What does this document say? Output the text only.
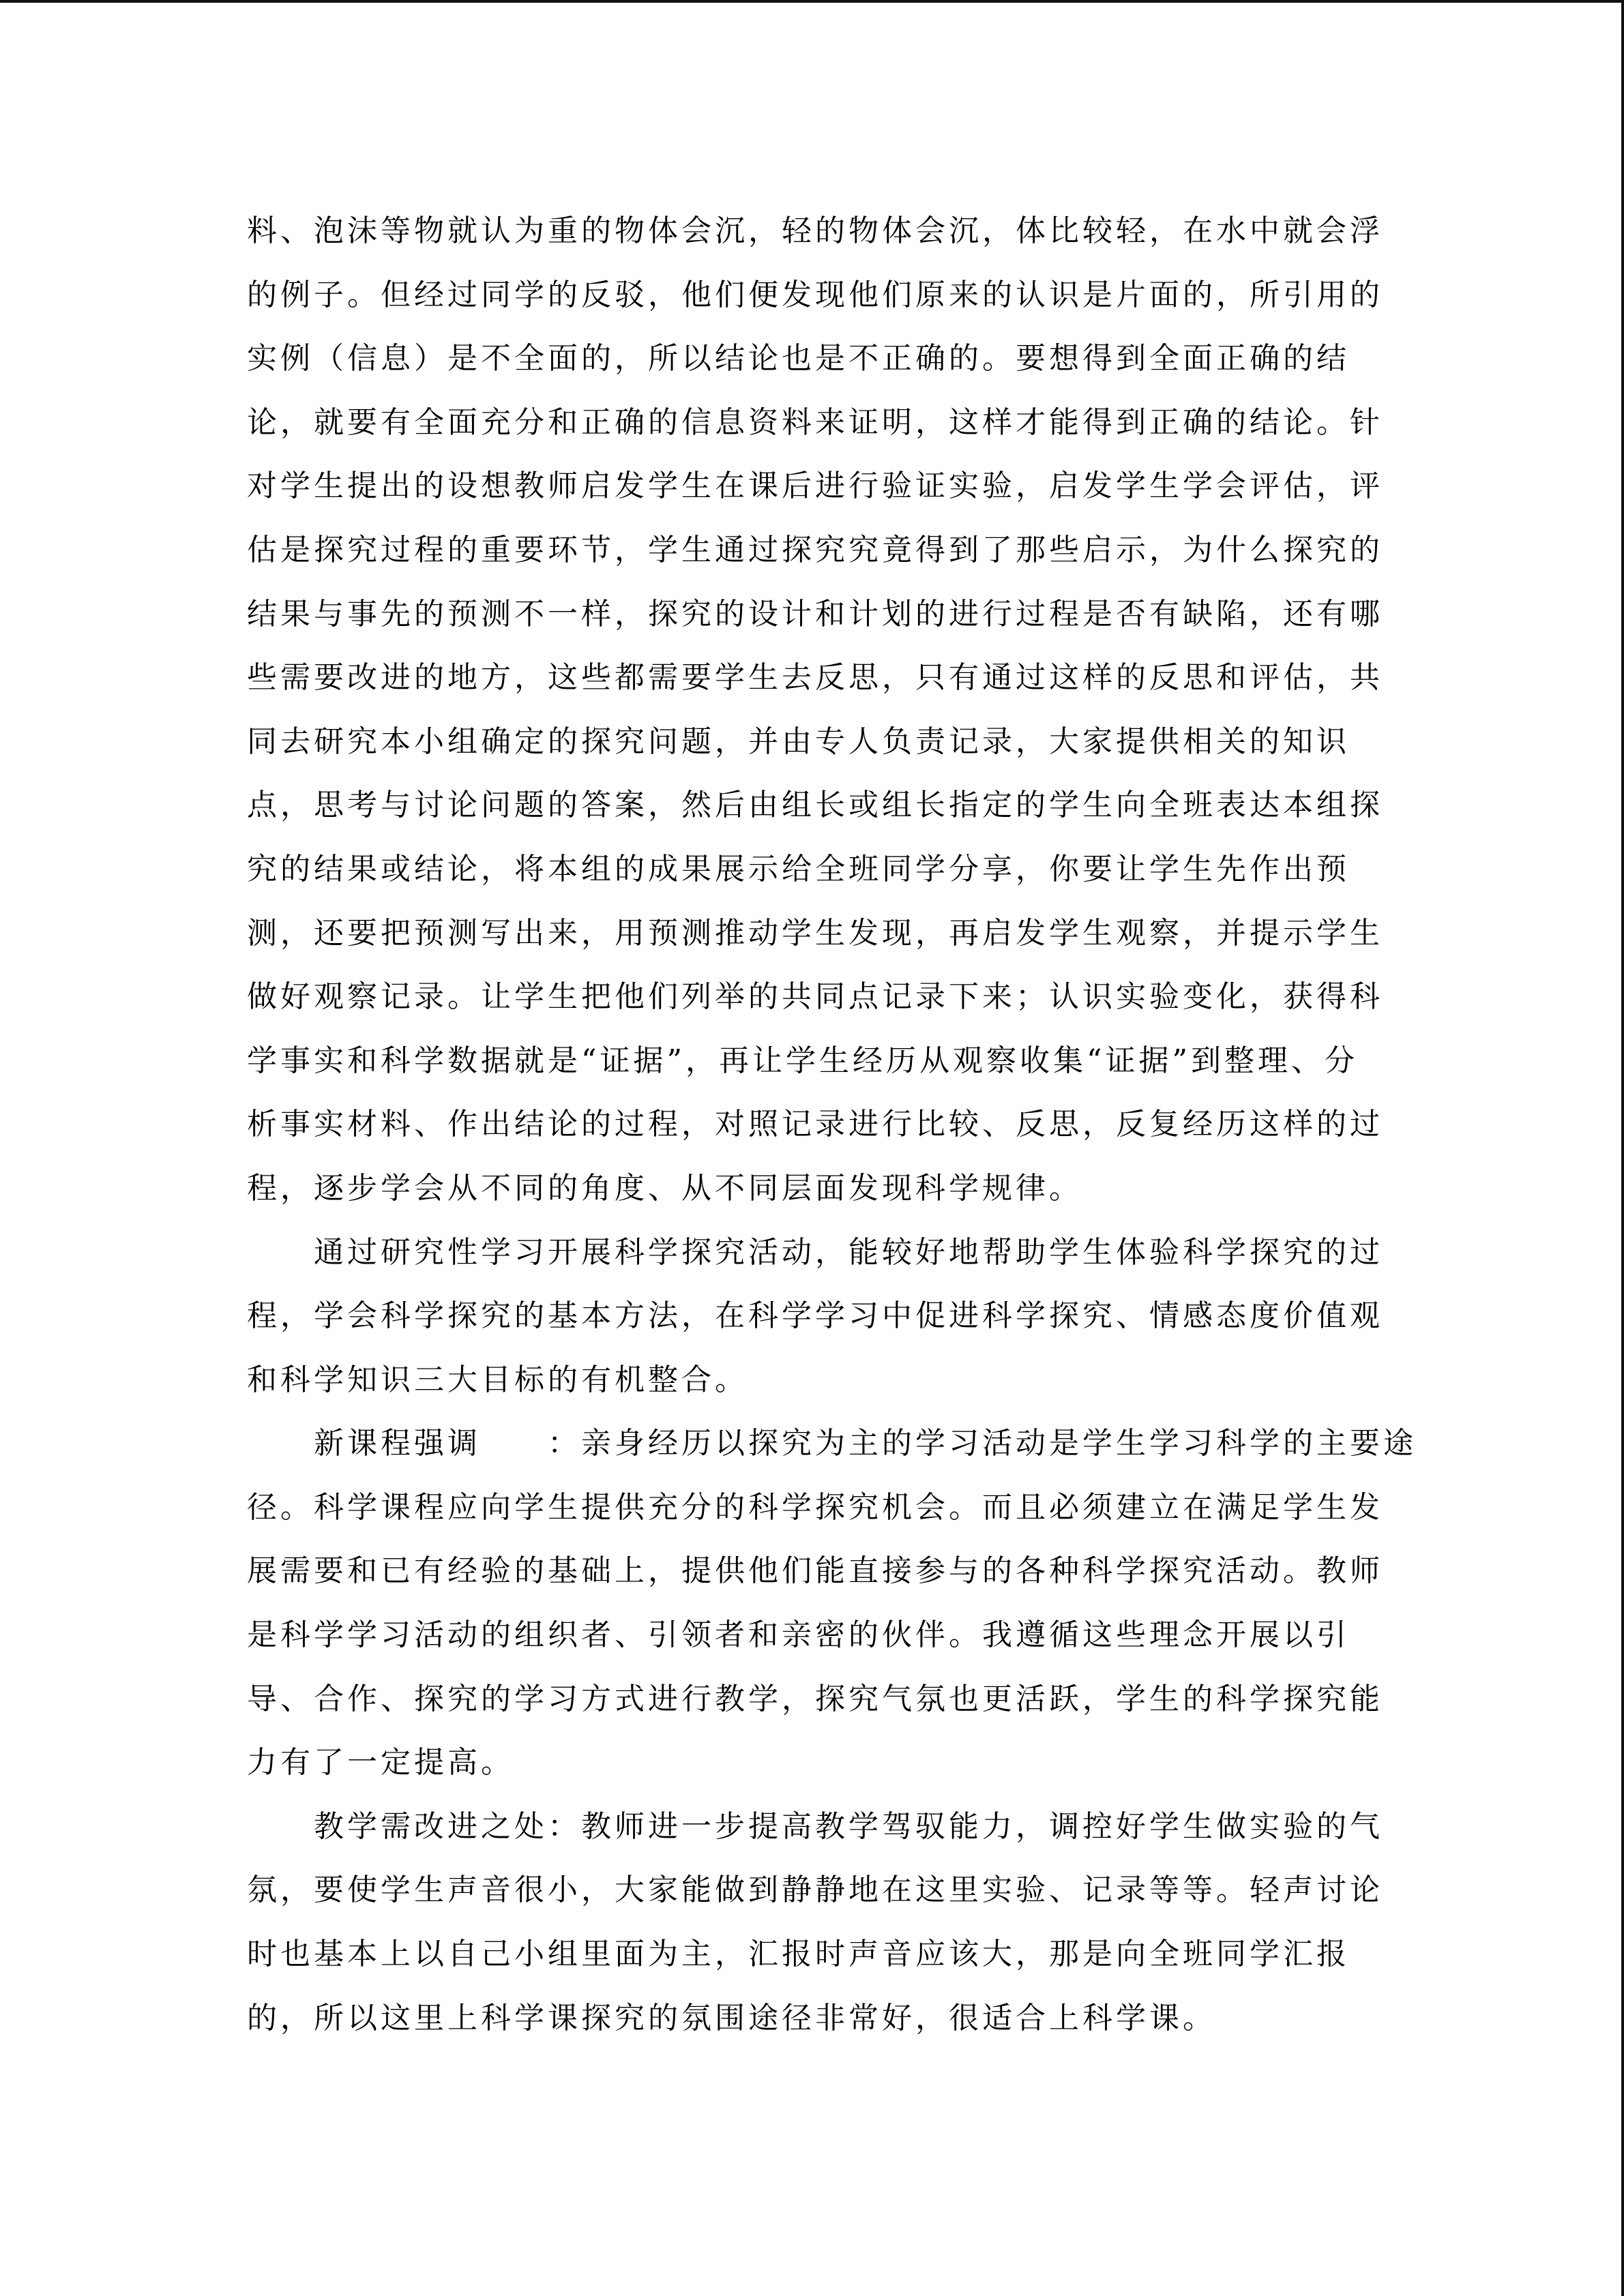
料、泡沫等物就认为重的物体会沉，轻的物体会沉，体比较轻，在水中就会浮
的例子。但经过同学的反驳，他们便发现他们原来的认识是片面的，所引用的
实例（信息）是不全面的，所以结论也是不正确的。要想得到全面正确的结
论，就要有全面充分和正确的信息资料来证明，这样才能得到正确的结论。针
对学生提出的设想教师启发学生在课后进行验证实验，启发学生学会评估，评
估是探究过程的重要环节，学生通过探究究竟得到了那些启示，为什么探究的
结果与事先的预测不一样，探究的设计和计划的进行过程是否有缺陷，还有哪
些需要改进的地方，这些都需要学生去反思，只有通过这样的反思和评估，共
同去研究本小组确定的探究问题，并由专人负责记录，大家提供相关的知识
点，思考与讨论问题的答案，然后由组长或组长指定的学生向全班表达本组探
究的结果或结论，将本组的成果展示给全班同学分享，你要让学生先作出预
测，还要把预测写出来，用预测推动学生发现，再启发学生观察，并提示学生
做好观察记录。让学生把他们列举的共同点记录下来；认识实验变化，获得科
学事实和科学数据就是“证据”，再让学生经历从观察收集“证据”到整理、分
析事实材料、作出结论的过程，对照记录进行比较、反思，反复经历这样的过
程，逐步学会从不同的角度、从不同层面发现科学规律。
通过研究性学习开展科学探究活动，能较好地帮助学生体验科学探究的过
程，学会科学探究的基本方法，在科学学习中促进科学探究、情感态度价值观
和科学知识三大目标的有机整合。
新课程强调　　：亲身经历以探究为主的学习活动是学生学习科学的主要途
径。科学课程应向学生提供充分的科学探究机会。而且必须建立在满足学生发
展需要和已有经验的基础上，提供他们能直接参与的各种科学探究活动。教师
是科学学习活动的组织者、引领者和亲密的伙伴。我遵循这些理念开展以引
导、合作、探究的学习方式进行教学，探究气氛也更活跃，学生的科学探究能
力有了一定提高。
教学需改进之处：教师进一步提高教学驾驭能力，调控好学生做实验的气
氛，要使学生声音很小，大家能做到静静地在这里实验、记录等等。轻声讨论
时也基本上以自己小组里面为主，汇报时声音应该大，那是向全班同学汇报
的，所以这里上科学课探究的氛围途径非常好，很适合上科学课。
